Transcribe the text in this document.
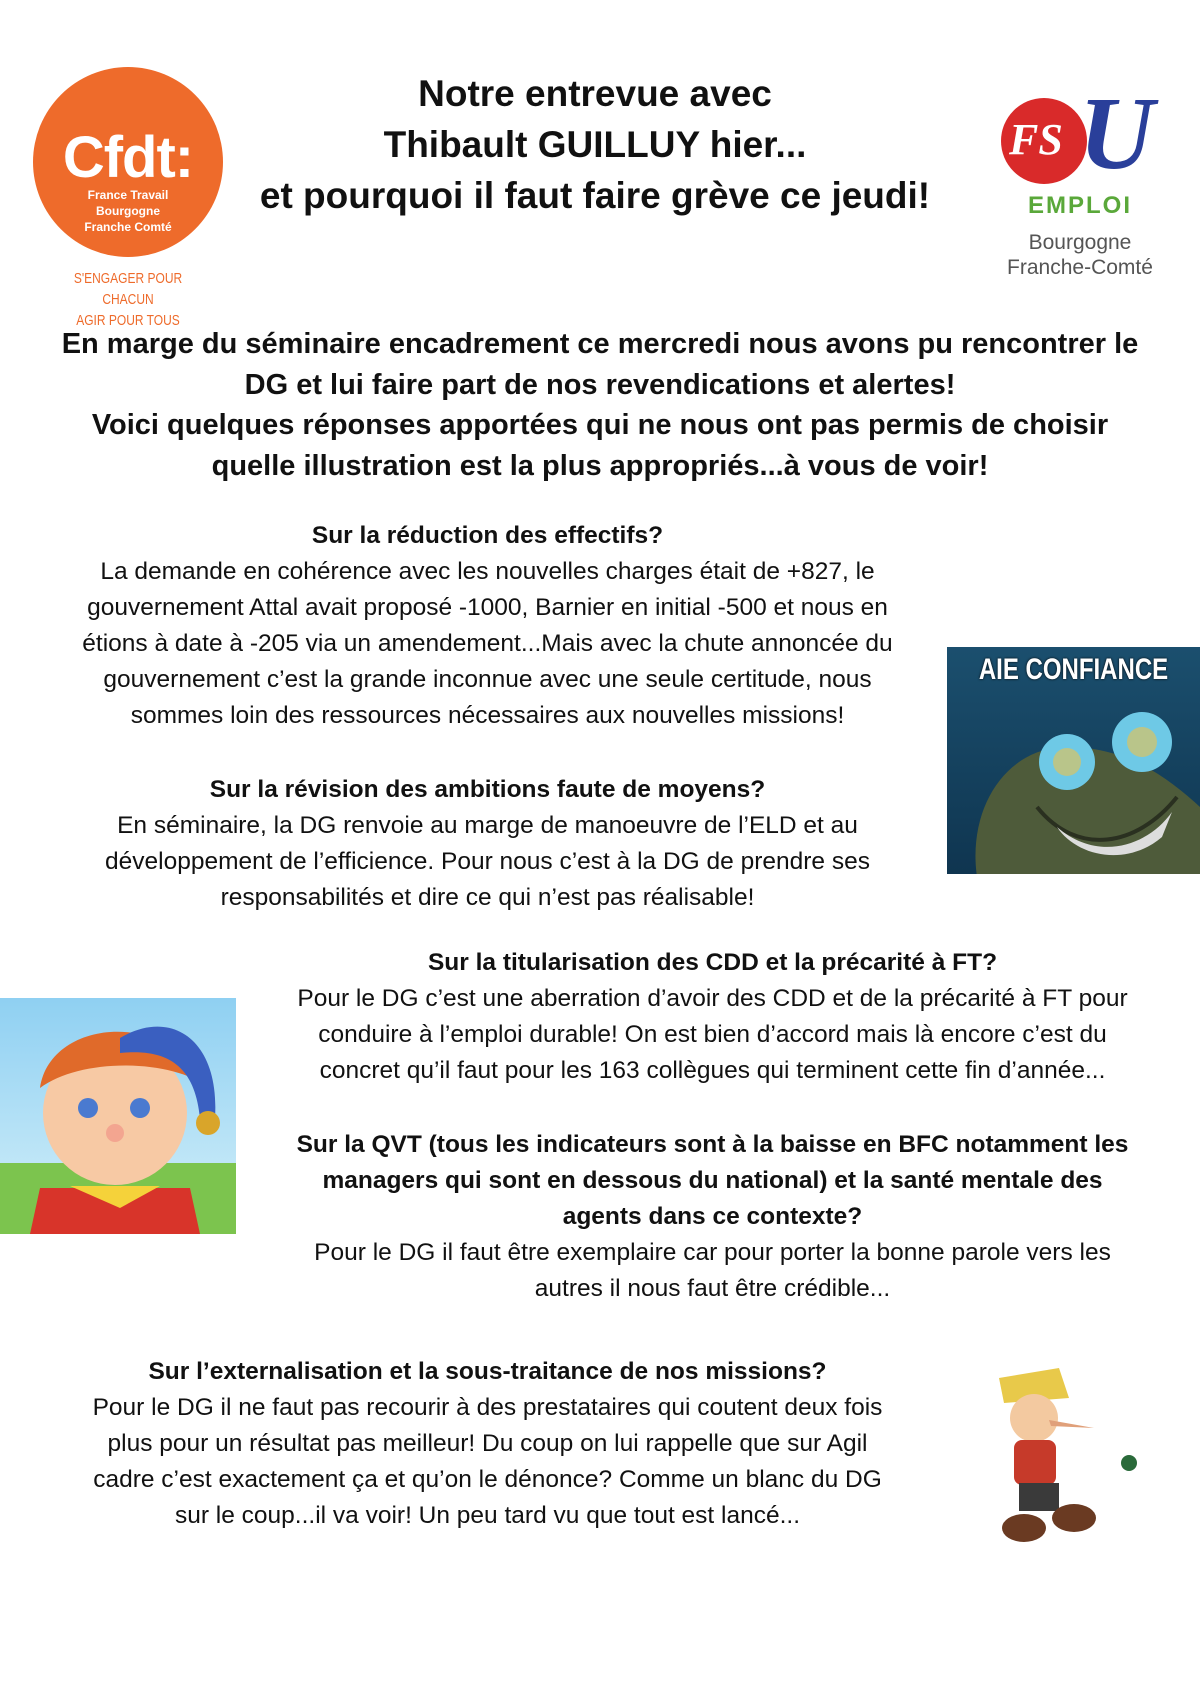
Cfdt:
France Travail
Bourgogne
Franche Comté
S'ENGAGER POUR CHACUN
AGIR POUR TOUS
Notre entrevue avec
Thibault GUILLUY hier...
et pourquoi il faut faire grève ce jeudi!
FS U
EMPLOI
Bourgogne
Franche-Comté
En marge du séminaire encadrement ce mercredi nous avons pu rencontrer le
DG et lui faire part de nos revendications et alertes!
Voici quelques réponses apportées qui ne nous ont pas permis de choisir
quelle illustration est la plus appropriés...à vous de voir!
Sur la réduction des effectifs?

La demande en cohérence avec les nouvelles charges était de +827, le

gouvernement Attal avait proposé -1000, Barnier en initial -500 et nous en

étions à date à -205 via un amendement...Mais avec la chute annoncée du

gouvernement c’est la grande inconnue avec une seule certitude, nous

sommes loin des ressources nécessaires aux nouvelles missions!

AIE CONFIANCE
Sur la révision des ambitions faute de moyens?

En séminaire, la DG renvoie au marge de manoeuvre de l’ELD et au

développement de l’efficience. Pour nous c’est à la DG de prendre ses

responsabilités et dire ce qui n’est pas réalisable!

Sur la titularisation des CDD et la précarité à FT?

Pour le DG c’est une aberration d’avoir des CDD et de la précarité à FT pour

conduire à l’emploi durable! On est bien d’accord mais là encore c’est du

concret qu’il faut pour les 163 collègues qui terminent cette fin d’année...

Sur la QVT (tous les indicateurs sont à la baisse en BFC notamment les
managers qui sont en dessous du national) et la santé mentale des
agents dans ce contexte?

Pour le DG il faut être exemplaire car pour porter la bonne parole vers les

autres il nous faut être crédible...

Sur l’externalisation et la sous-traitance de nos missions?

Pour le DG il ne faut pas recourir à des prestataires qui coutent deux fois

plus pour un résultat pas meilleur! Du coup on lui rappelle que sur Agil

cadre c’est exactement ça et qu’on le dénonce? Comme un blanc du DG

sur le coup...il va voir! Un peu tard vu que tout est lancé...
